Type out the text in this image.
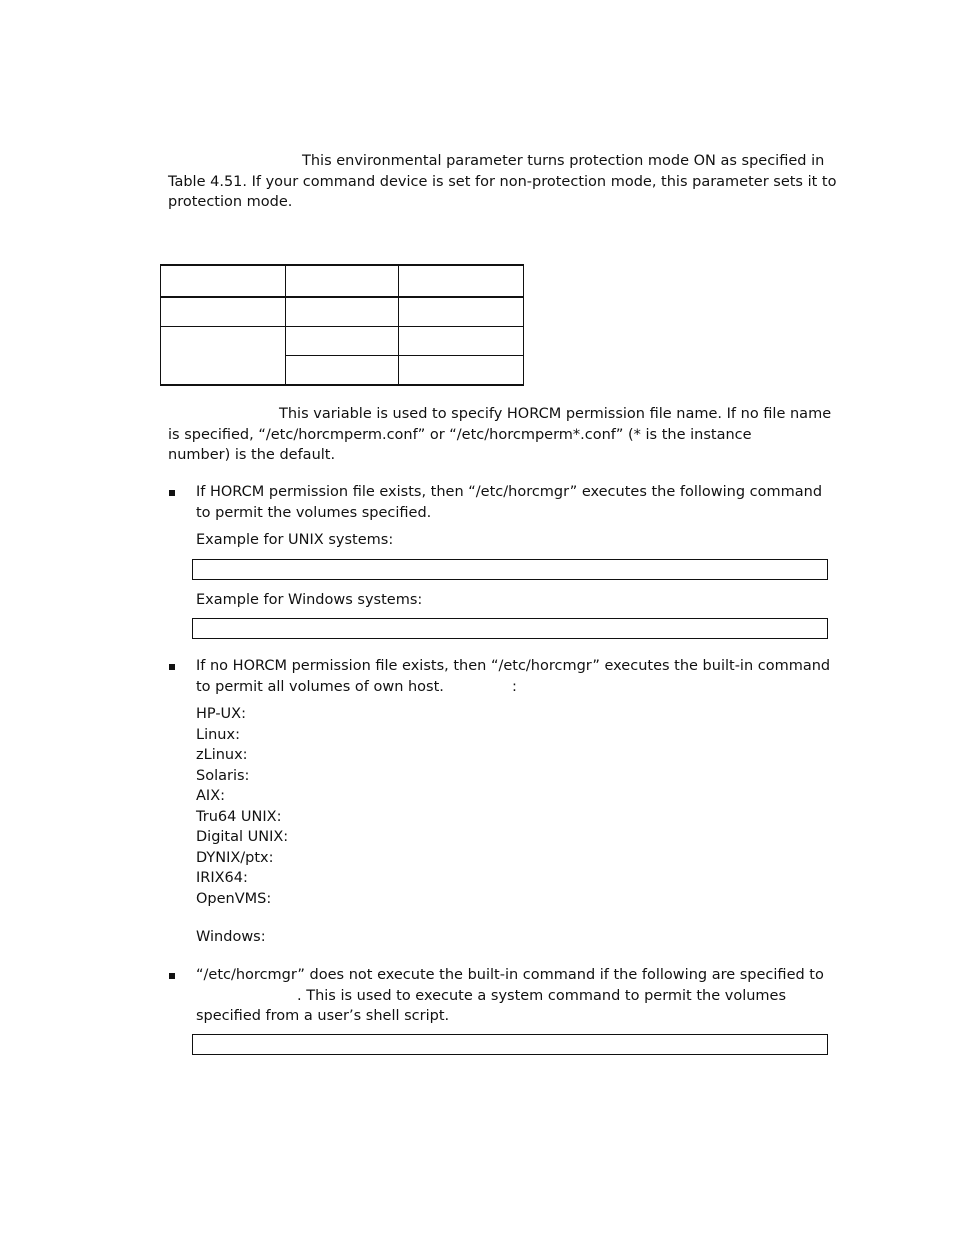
This environmental parameter turns protection mode ON as specified in
Table 4.51. If your command device is set for non-protection mode, this parameter sets it to
protection mode.

This variable is used to specify HORCM permission file name. If no file name
is specified, “/etc/horcmperm.conf” or “/etc/horcmperm*.conf” (* is the instance
number) is the default.
If HORCM permission file exists, then “/etc/horcmgr” executes the following command
to permit the volumes specified.
Example for UNIX systems:
Example for Windows systems:
If no HORCM permission file exists, then “/etc/horcmgr” executes the built-in command
to permit all volumes of own host.	:
HP-UX:
Linux:
zLinux:
Solaris:
AIX:
Tru64 UNIX:
Digital UNIX:
DYNIX/ptx:
IRIX64:
OpenVMS:
Windows:
“/etc/horcmgr” does not execute the built-in command if the following are specified to
. This is used to execute a system command to permit the volumes
specified from a user’s shell script.
